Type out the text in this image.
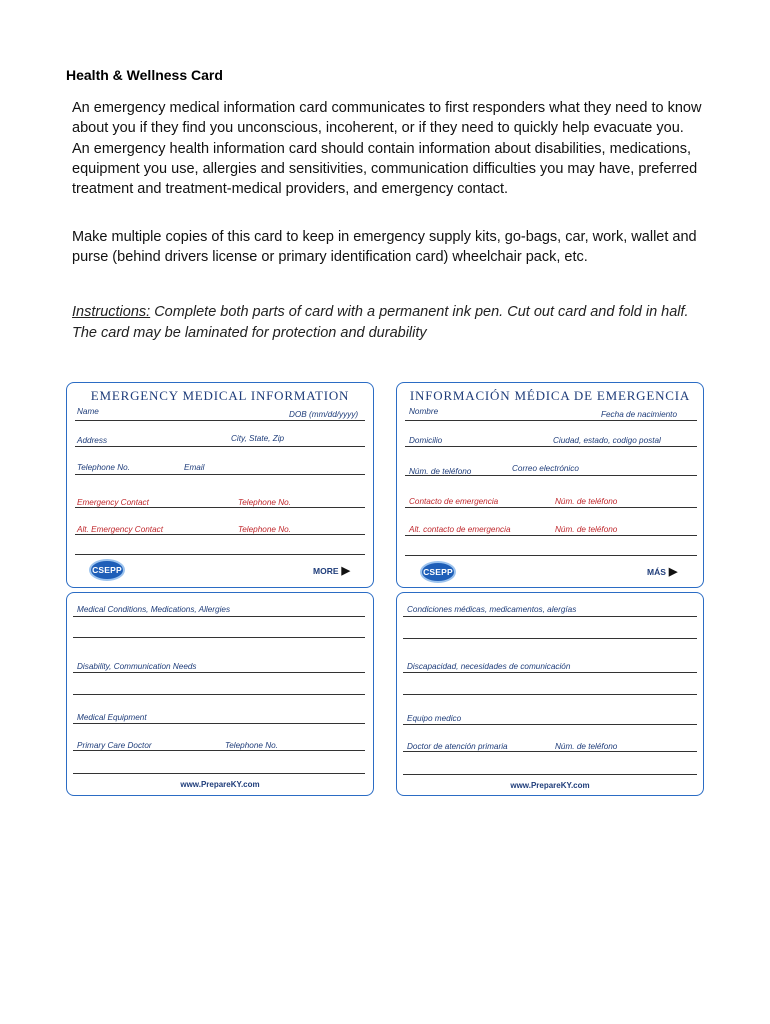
Health & Wellness Card
An emergency medical information card communicates to first responders what they need to know about you if they find you unconscious, incoherent, or if they need to quickly help evacuate you. An emergency health information card should contain information about disabilities, medications, equipment you use, allergies and sensitivities, communication difficulties you may have, preferred treatment and treatment-medical providers, and emergency contact.
Make multiple copies of this card to keep in emergency supply kits, go-bags, car, work, wallet and purse (behind drivers license or primary identification card) wheelchair pack, etc.
Instructions: Complete both parts of card with a permanent ink pen. Cut out card and fold in half. The card may be laminated for protection and durability
EMERGENCY MEDICAL INFORMATION
Name	DOB (mm/dd/yyyy)
Address	City, State, Zip
Telephone No.	Email
Emergency Contact	Telephone No.
Alt. Emergency Contact	Telephone No.
CSEPP	MORE ▶
INFORMACIÓN MÉDICA DE EMERGENCIA
Nombre	Fecha de nacimiento
Domicilio	Ciudad, estado, codigo postal
Núm. de teléfono	Correo electrónico
Contacto de emergencia	Núm. de teléfono
Alt. contacto de emergencia	Núm. de teléfono
CSEPP	MÁS ▶
Medical Conditions, Medications, Allergies
Disability, Communication Needs
Medical Equipment
Primary Care Doctor	Telephone No.
www.PrepareKY.com
Condiciones médicas, medicamentos, alergías
Discapacidad, necesidades de comunicación
Equipo medico
Doctor de atención primaria	Núm. de teléfono
www.PrepareKY.com
